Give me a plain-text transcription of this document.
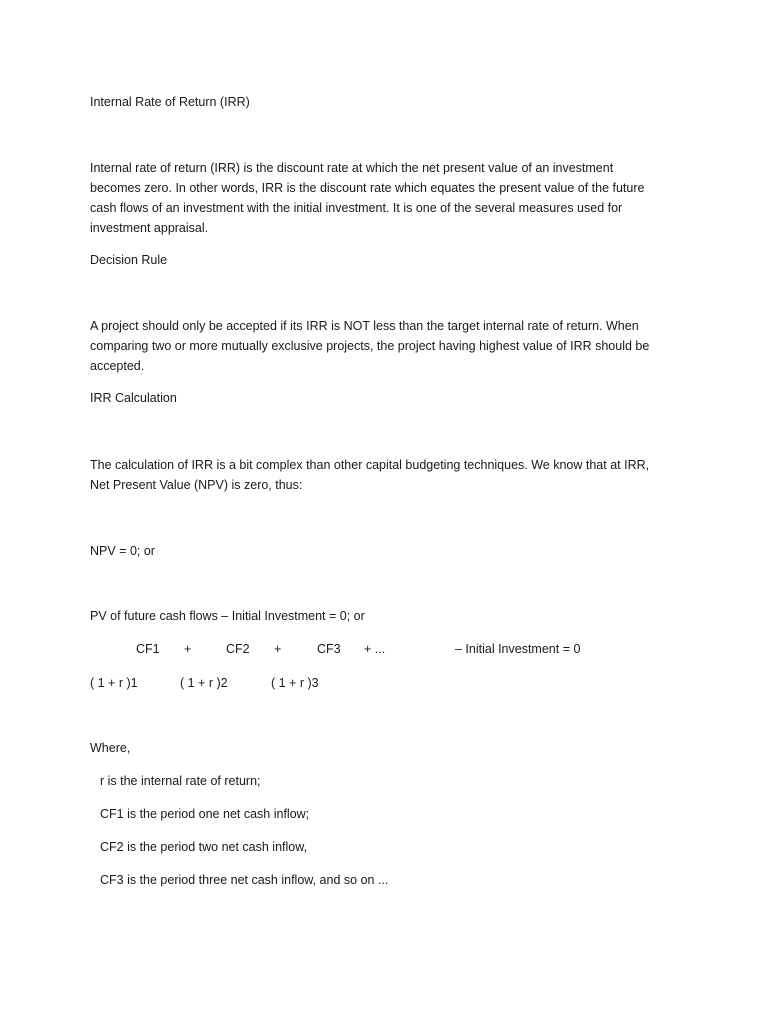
Internal Rate of Return (IRR)
Internal rate of return (IRR) is the discount rate at which the net present value of an investment
becomes zero. In other words, IRR is the discount rate which equates the present value of the future
cash flows of an investment with the initial investment. It is one of the several measures used for
investment appraisal.
Decision Rule
A project should only be accepted if its IRR is NOT less than the target internal rate of return. When
comparing two or more mutually exclusive projects, the project having highest value of IRR should be
accepted.
IRR Calculation
The calculation of IRR is a bit complex than other capital budgeting techniques. We know that at IRR,
Net Present Value (NPV) is zero, thus:
NPV = 0; or
PV of future cash flows – Initial Investment = 0; or
CF1 +	CF2 +	CF3 + ...	– Initial Investment = 0
( 1 + r )1	( 1 + r )2	( 1 + r )3
Where,
r is the internal rate of return;
CF1 is the period one net cash inflow;
CF2 is the period two net cash inflow,
CF3 is the period three net cash inflow, and so on ...
